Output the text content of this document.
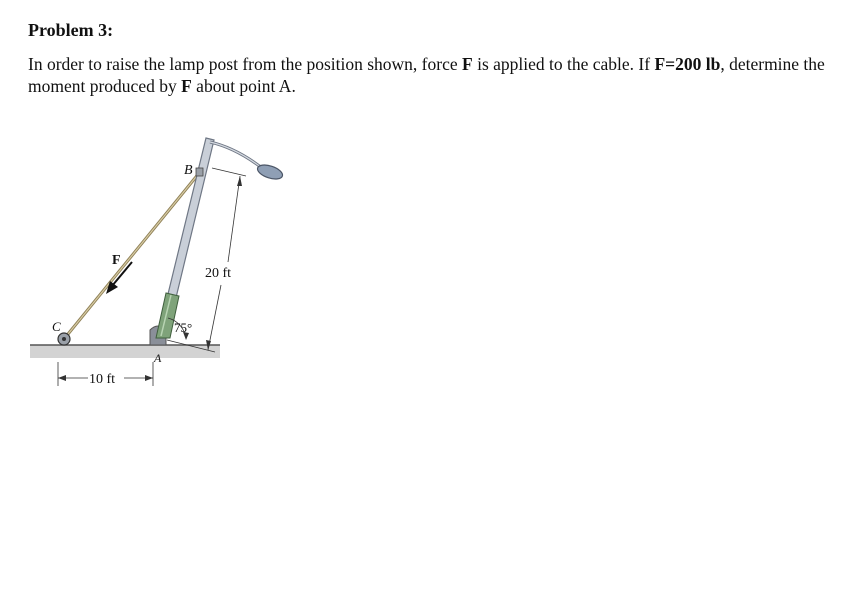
Problem 3:
In order to raise the lamp post from the position shown, force F is applied to the cable. If F=200 lb, determine the moment produced by F about point A.
B
C
A
F
20 ft
75°
10 ft
